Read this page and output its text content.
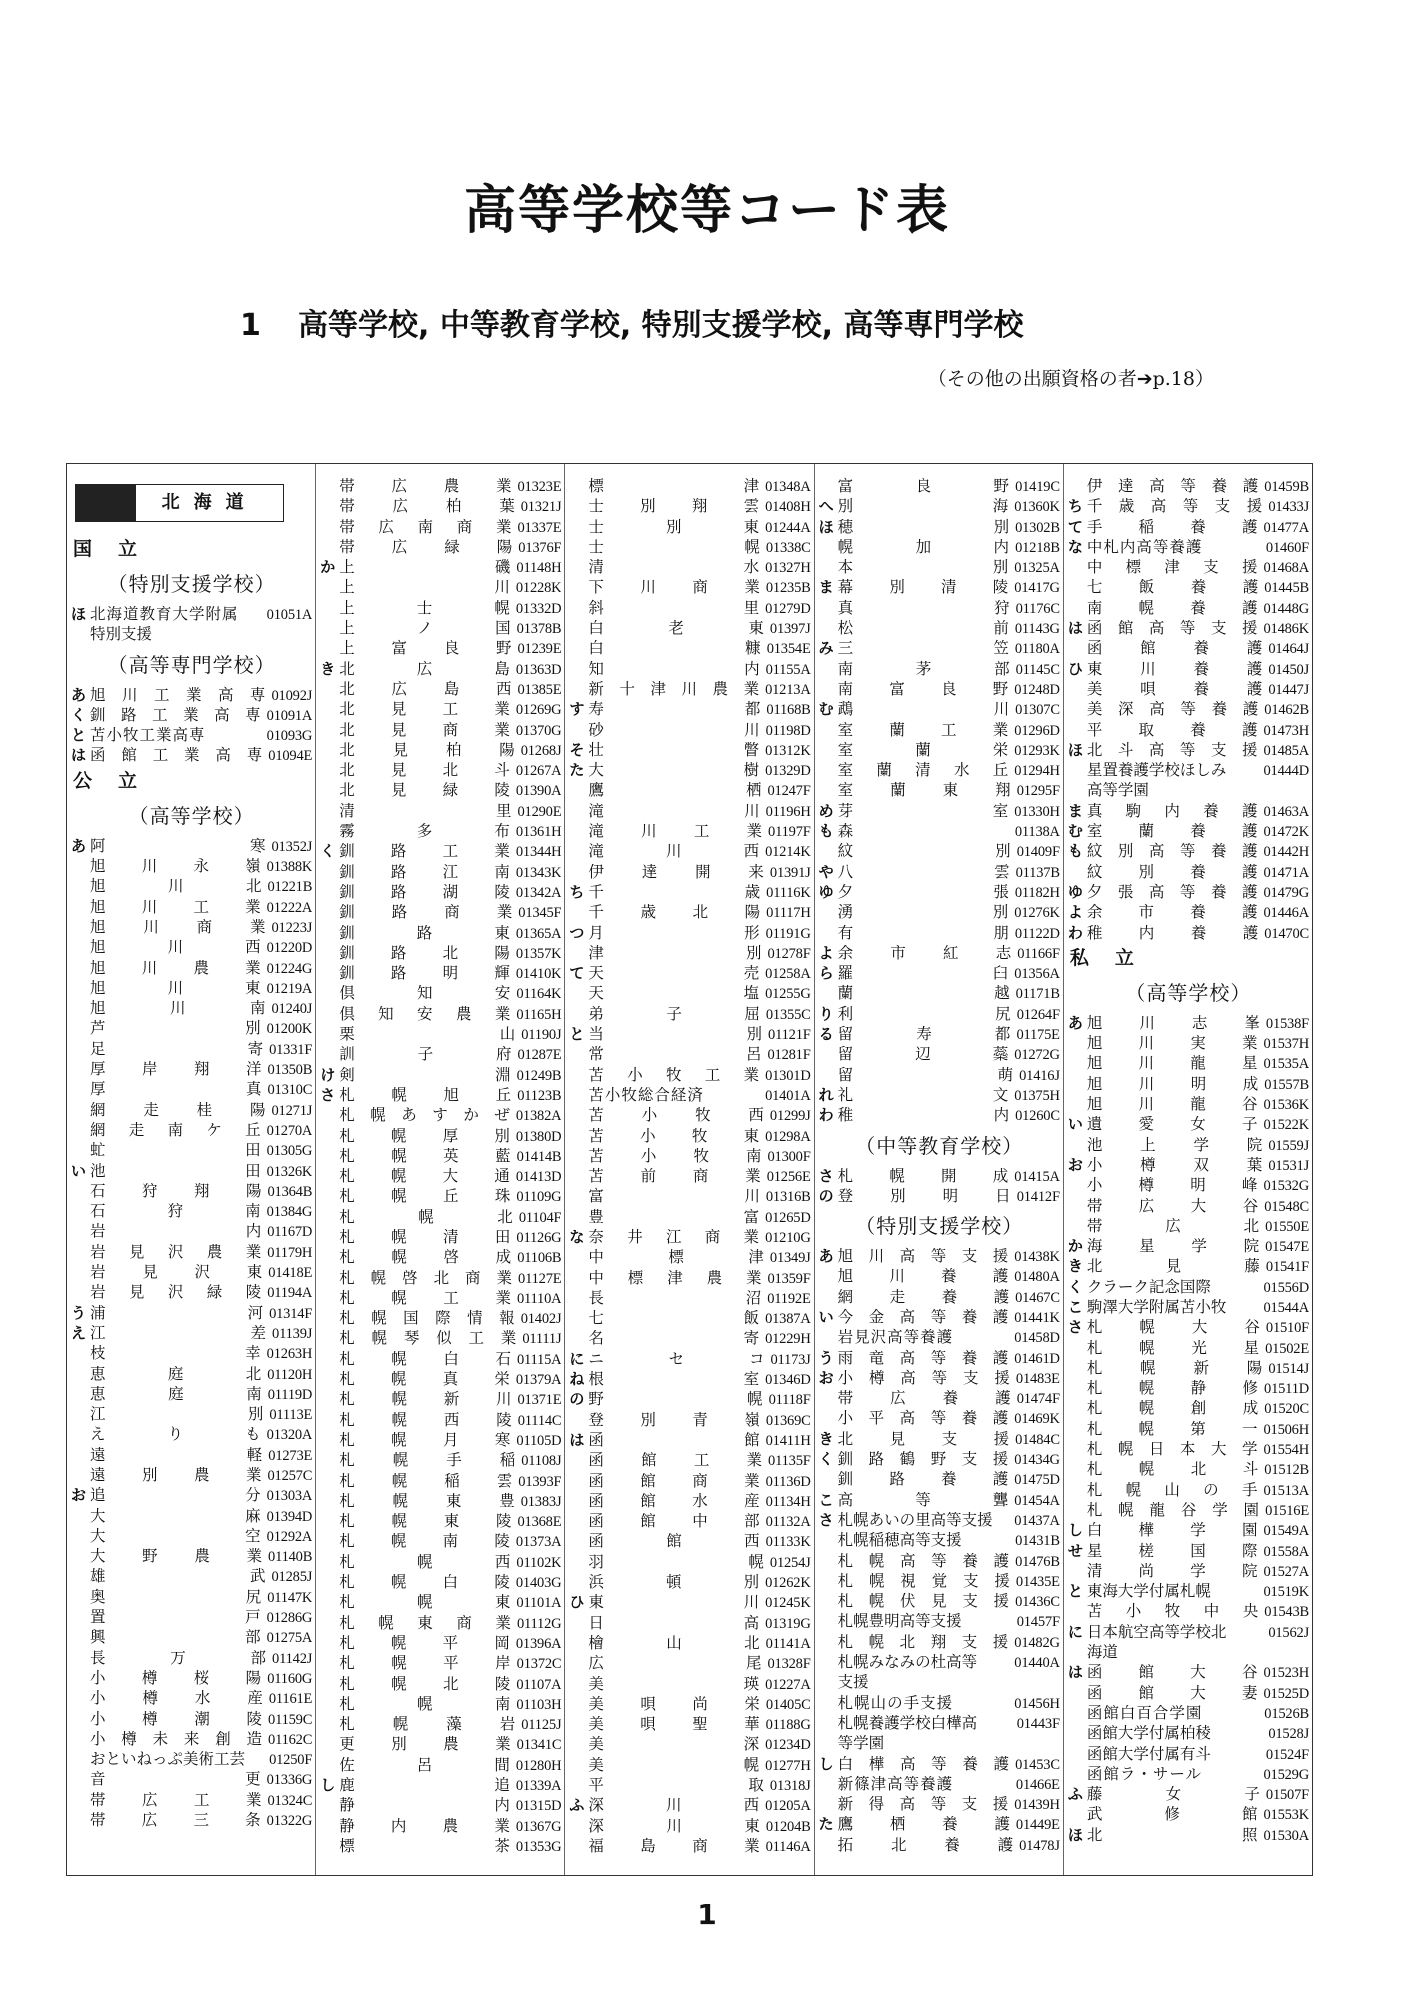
高等学校等コード表
1 高等学校, 中等教育学校, 特別支援学校, 高等専門学校
（その他の出願資格の者➔p.18）
北海道
国立
（特別支援学校）
ほ 北海道教育大学附属	01051A
特別支援
（高等専門学校）
あ 旭 川 工 業 高 専 01092J
く 釧 路 工 業 高 専 01091A
と 苫小牧工業高専	01093G
は 函 館 工 業 高 専 01094E
公立
（高等学校）
あ 阿	寒 01352J
旭 川 永 嶺 01388K
旭	川	北 01221B
旭 川 工 業 01222A
旭 川 商 業 01223J
旭	川	西 01220D
旭 川 農 業 01224G
旭	川	東 01219A
旭	川	南 01240J
芦	別 01200K
足	寄 01331F
厚 岸 翔 洋 01350B
厚	真 01310C
網 走 桂 陽 01271J
網 走 南 ケ 丘 01270A
虻	田 01305G
い 池	田 01326K
石 狩 翔 陽 01364B
石	狩	南 01384G
岩	内 01167D
岩 見 沢 農 業 01179H
岩 見 沢 東 01418E
岩 見 沢 緑 陵 01194A
う 浦	河 01314F
え 江	差 01139J
枝	幸 01263H
恵	庭	北 01120H
恵	庭	南 01119D
江	別 01113E
え	り	も 01320A
遠	軽 01273E
遠 別 農 業 01257C
お 追	分 01303A
大	麻 01394D
大	空 01292A
大 野 農 業 01140B
雄	武 01285J
奥	尻 01147K
置	戸 01286G
興	部 01275A
長	万	部 01142J
小 樽 桜 陽 01160G
小 樽 水 産 01161E
小 樽 潮 陵 01159C
小 樽 未 来 創 造 01162C
おといねっぷ美術工芸	01250F
音	更 01336G
帯 広 工 業 01324C
帯 広 三 条 01322G
帯 広 農 業 01323E
帯 広 柏 葉 01321J
帯 広 南 商 業 01337E
帯 広 緑 陽 01376F
か 上	磯 01148H
上	川 01228K
上	士	幌 01332D
上	ノ	国 01378B
上 富 良 野 01239E
き 北	広	島 01363D
北 広 島 西 01385E
北 見 工 業 01269G
北 見 商 業 01370G
北 見 柏 陽 01268J
北 見 北 斗 01267A
北 見 緑 陵 01390A
清	里 01290E
霧	多	布 01361H
く 釧 路 工 業 01344H
釧 路 江 南 01343K
釧 路 湖 陵 01342A
釧 路 商 業 01345F
釧	路	東 01365A
釧 路 北 陽 01357K
釧 路 明 輝 01410K
倶	知	安 01164K
倶 知 安 農 業 01165H
栗	山 01190J
訓	子	府 01287E
け 剣	淵 01249B
さ 札 幌 旭 丘 01123B
札 幌 あ す か ぜ 01382A
札 幌 厚 別 01380D
札 幌 英 藍 01414B
札 幌 大 通 01413D
札 幌 丘 珠 01109G
札	幌	北 01104F
札 幌 清 田 01126G
札 幌 啓 成 01106B
札 幌 啓 北 商 業 01127E
札 幌 工 業 01110A
札 幌 国 際 情 報 01402J
札 幌 琴 似 工 業 01111J
札 幌 白 石 01115A
札 幌 真 栄 01379A
札 幌 新 川 01371E
札 幌 西 陵 01114C
札 幌 月 寒 01105D
札 幌 手 稲 01108J
札 幌 稲 雲 01393F
札 幌 東 豊 01383J
札 幌 東 陵 01368E
札 幌 南 陵 01373A
札	幌	西 01102K
札 幌 白 陵 01403G
札	幌	東 01101A
札 幌 東 商 業 01112G
札 幌 平 岡 01396A
札 幌 平 岸 01372C
札 幌 北 陵 01107A
札	幌	南 01103H
札 幌 藻 岩 01125J
更 別 農 業 01341C
佐	呂	間 01280H
し 鹿	追 01339A
静	内 01315D
静 内 農 業 01367G
標	茶 01353G
標	津 01348A
士 別 翔 雲 01408H
士	別	東 01244A
士	幌 01338C
清	水 01327H
下 川 商 業 01235B
斜	里 01279D
白	老	東 01397J
白	糠 01354E
知	内 01155A
新 十 津 川 農 業 01213A
す 寿	都 01168B
砂	川 01198D
そ 壮	瞥 01312K
た 大	樹 01329D
鷹	栖 01247F
滝	川 01196H
滝 川 工 業 01197F
滝	川	西 01214K
伊 達 開 来 01391J
ち 千	歳 01116K
千 歳 北 陽 01117H
つ 月	形 01191G
津	別 01278F
て 天	売 01258A
天	塩 01255G
弟	子	屈 01355C
と 当	別 01121F
常	呂 01281F
苫 小 牧 工 業 01301D
苫小牧総合経済	01401A
苫 小 牧 西 01299J
苫 小 牧 東 01298A
苫 小 牧 南 01300F
苫 前 商 業 01256E
富	川 01316B
豊	富 01265D
な 奈 井 江 商 業 01210G
中	標	津 01349J
中 標 津 農 業 01359F
長	沼 01192E
七	飯 01387A
名	寄 01229H
に ニ	セ	コ 01173J
ね 根	室 01346D
の 野	幌 01118F
登 別 青 嶺 01369C
は 函	館 01411H
函 館 工 業 01135F
函 館 商 業 01136D
函 館 水 産 01134H
函 館 中 部 01132A
函	館	西 01133K
羽	幌 01254J
浜	頓	別 01262K
ひ 東	川 01245K
日	高 01319G
檜	山	北 01141A
広	尾 01328F
美	瑛 01227A
美 唄 尚 栄 01405C
美 唄 聖 華 01188G
美	深 01234D
美	幌 01277H
平	取 01318J
ふ 深	川	西 01205A
深	川	東 01204B
福 島 商 業 01146A
富	良	野 01419C
へ 別	海 01360K
ほ 穂	別 01302B
幌	加	内 01218B
本	別 01325A
ま 幕 別 清 陵 01417G
真	狩 01176C
松	前 01143G
み 三	笠 01180A
南	茅	部 01145C
南 富 良 野 01248D
む 鵡	川 01307C
室 蘭 工 業 01296D
室	蘭	栄 01293K
室 蘭 清 水 丘 01294H
室 蘭 東 翔 01295F
め 芽	室 01330H
も 森	01138A
紋	別 01409F
や 八	雲 01137B
ゆ 夕	張 01182H
湧	別 01276K
有	朋 01122D
よ 余 市 紅 志 01166F
ら 羅	臼 01356A
蘭	越 01171B
り 利	尻 01264F
る 留	寿	都 01175E
留	辺	蘂 01272G
留	萌 01416J
れ 礼	文 01375H
わ 稚	内 01260C
（中等教育学校）
さ 札 幌 開 成 01415A
の 登 別 明 日 01412F
（特別支援学校）
あ 旭 川 高 等 支 援 01438K
旭 川 養 護 01480A
網 走 養 護 01467C
い 今 金 高 等 養 護 01441K
岩見沢高等養護	01458D
う 雨 竜 高 等 養 護 01461D
お 小 樽 高 等 支 援 01483E
帯 広 養 護 01474F
小 平 高 等 養 護 01469K
き 北 見 支 援 01484C
く 釧 路 鶴 野 支 援 01434G
釧 路 養 護 01475D
こ 高	等	聾 01454A
さ 札幌あいの里高等支援	01437A
札幌稲穂高等支援	01431B
札 幌 高 等 養 護 01476B
札 幌 視 覚 支 援 01435E
札 幌 伏 見 支 援 01436C
札幌豊明高等支援	01457F
札 幌 北 翔 支 援 01482G
札幌みなみの杜高等	01440A
支援
札幌山の手支援	01456H
札幌養護学校白樺高	01443F
等学園
し 白 樺 高 等 養 護 01453C
新篠津高等養護	01466E
新 得 高 等 支 援 01439H
た 鷹 栖 養 護 01449E
拓 北 養 護 01478J
伊 達 高 等 養 護 01459B
ち 千 歳 高 等 支 援 01433J
て 手 稲 養 護 01477A
な 中札内高等養護	01460F
中 標 津 支 援 01468A
七 飯 養 護 01445B
南 幌 養 護 01448G
は 函 館 高 等 支 援 01486K
函 館 養 護 01464J
ひ 東 川 養 護 01450J
美 唄 養 護 01447J
美 深 高 等 養 護 01462B
平 取 養 護 01473H
ほ 北 斗 高 等 支 援 01485A
星置養護学校ほしみ	01444D
高等学園
ま 真 駒 内 養 護 01463A
む 室 蘭 養 護 01472K
も 紋 別 高 等 養 護 01442H
紋 別 養 護 01471A
ゆ 夕 張 高 等 養 護 01479G
よ 余 市 養 護 01446A
わ 稚 内 養 護 01470C
私立
（高等学校）
あ 旭 川 志 峯 01538F
旭 川 実 業 01537H
旭 川 龍 星 01535A
旭 川 明 成 01557B
旭 川 龍 谷 01536K
い 遺 愛 女 子 01522K
池 上 学 院 01559J
お 小 樽 双 葉 01531J
小 樽 明 峰 01532G
帯 広 大 谷 01548C
帯	広	北 01550E
か 海 星 学 院 01547E
き 北	見	藤 01541F
く クラーク記念国際	01556D
こ 駒澤大学附属苫小牧	01544A
さ 札 幌 大 谷 01510F
札 幌 光 星 01502E
札 幌 新 陽 01514J
札 幌 静 修 01511D
札 幌 創 成 01520C
札 幌 第 一 01506H
札 幌 日 本 大 学 01554H
札 幌 北 斗 01512B
札 幌 山 の 手 01513A
札 幌 龍 谷 学 園 01516E
し 白 樺 学 園 01549A
せ 星 槎 国 際 01558A
清 尚 学 院 01527A
と 東海大学付属札幌	01519K
苫 小 牧 中 央 01543B
に 日本航空高等学校北	01562J
海道
は 函 館 大 谷 01523H
函 館 大 妻 01525D
函館白百合学園	01526B
函館大学付属柏稜	01528J
函館大学付属有斗	01524F
函館ラ・サール	01529G
ふ 藤	女	子 01507F
武	修	館 01553K
ほ 北	照 01530A
1
